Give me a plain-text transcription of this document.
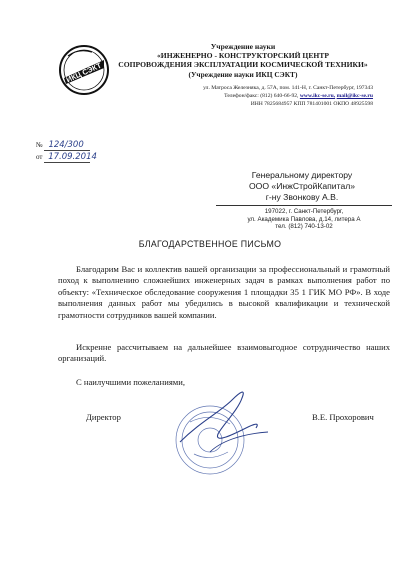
ИКЦ СЭКТ
Учреждение науки
«ИНЖЕНЕРНО - КОНСТРУКТОРСКИЙ ЦЕНТР
СОПРОВОЖДЕНИЯ ЭКСПЛУАТАЦИИ КОСМИЧЕСКОЙ ТЕХНИКИ»
(Учреждение науки ИКЦ СЭКТ)
ул. Матроса Железняка, д. 57А, пом. 141-Н, г. Санкт-Петербург, 197343
Телефон/факс: (812) 640-66-92, www.ikc-se.ru, mail@ikc-se.ru
ИНН 7825684957 КПП 781401001 ОКПО 48925598
№ 124/300
от 17.09.2014
Генеральному директору
ООО «ИнжСтройКапитал»
г-ну Звонкову А.В.
197022, г. Санкт-Петербург,
ул. Академика Павлова, д.14, литера А
тел. (812) 740-13-02
БЛАГОДАРСТВЕННОЕ ПИСЬМО
Благодарим Вас и коллектив вашей организации за профессиональный и грамотный поход к выполнению сложнейших инженерных задач в рамках выполнения работ по объекту: «Техническое обследование сооружения 1 площадки 35 1 ГИК МО РФ». В ходе выполнения данных работ мы убедились в высокой квалификации и технической грамотности сотрудников вашей компании.
Искренне рассчитываем на дальнейшее взаимовыгодное сотрудничество наших организаций.
С наилучшими пожеланиями,
Директор	В.Е. Прохорович
